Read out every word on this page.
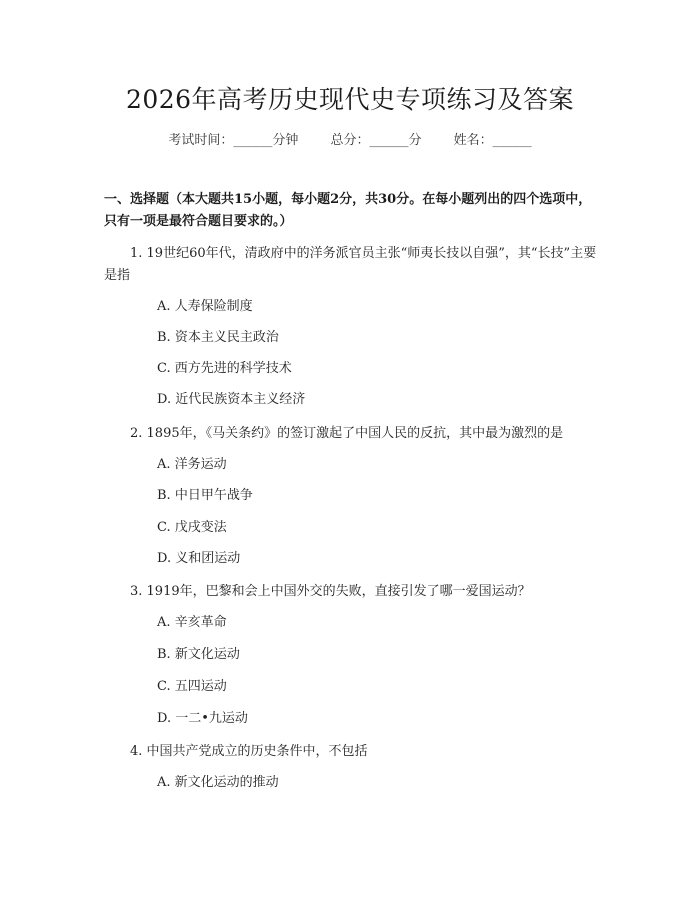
2026年高考历史现代史专项练习及答案
考试时间：______分钟 总分：______分 姓名：______
一、选择题（本大题共15小题，每小题2分，共30分。在每小题列出的四个选项中，只有一项是最符合题目要求的。）
1. 19世纪60年代，清政府中的洋务派官员主张“师夷长技以自强”，其“长技”主要是指
A. 人寿保险制度
B. 资本主义民主政治
C. 西方先进的科学技术
D. 近代民族资本主义经济
2. 1895年，《马关条约》的签订激起了中国人民的反抗，其中最为激烈的是
A. 洋务运动
B. 中日甲午战争
C. 戊戌变法
D. 义和团运动
3. 1919年，巴黎和会上中国外交的失败，直接引发了哪一爱国运动？
A. 辛亥革命
B. 新文化运动
C. 五四运动
D. 一二•九运动
4. 中国共产党成立的历史条件中，不包括
A. 新文化运动的推动
